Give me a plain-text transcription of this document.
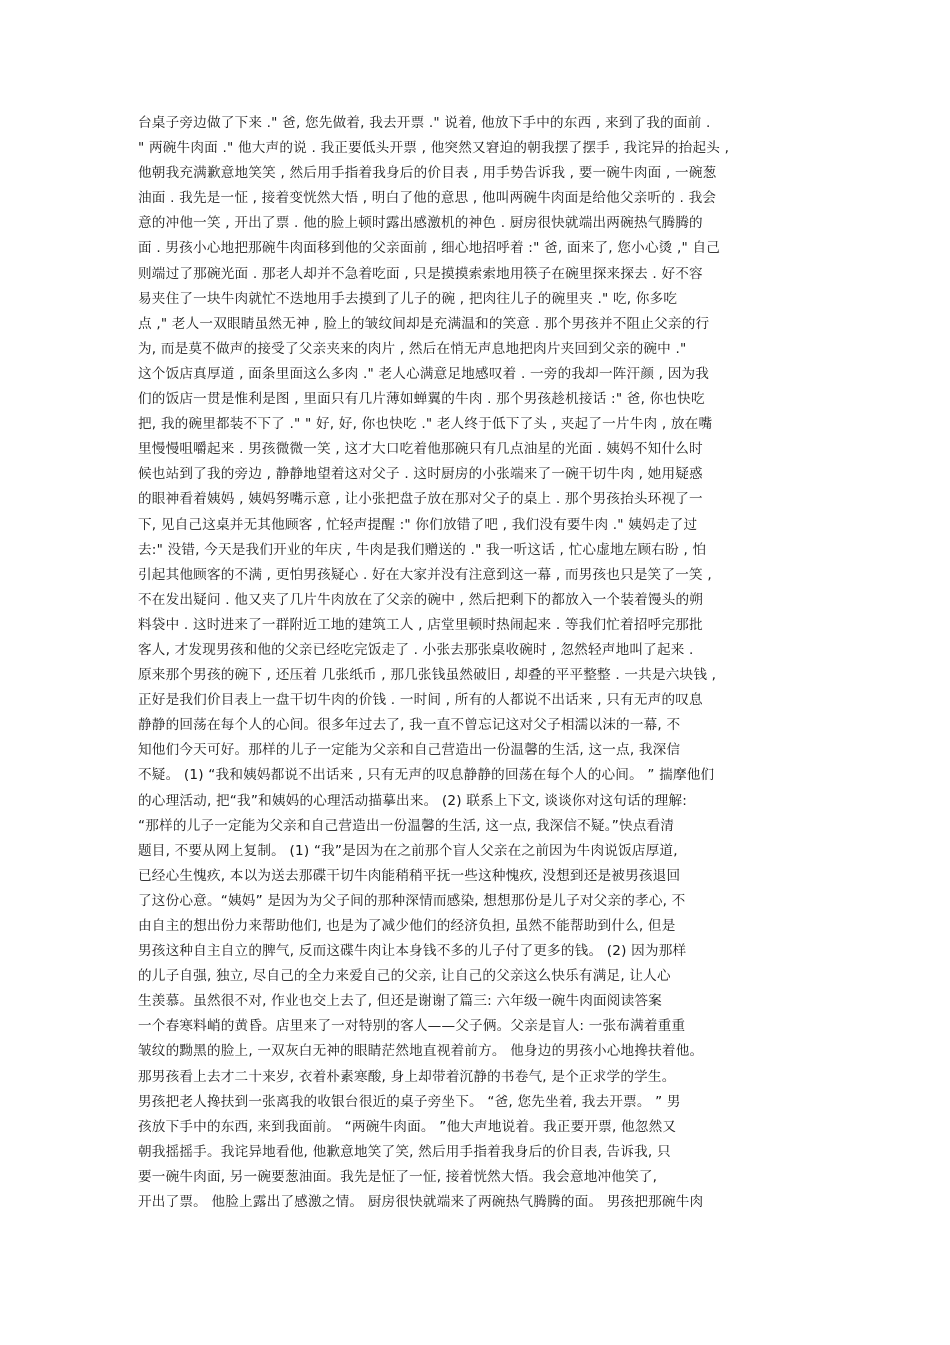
台桌子旁边做了下来 ." 爸, 您先做着, 我去开票 ." 说着, 他放下手中的东西 , 来到了我的面前 .
" 两碗牛肉面 ." 他大声的说 . 我正要低头开票 , 他突然又窘迫的朝我摆了摆手 , 我诧异的抬起头 ,
他朝我充满歉意地笑笑 , 然后用手指着我身后的价目表 , 用手势告诉我 , 要一碗牛肉面 , 一碗葱
油面 . 我先是一怔 , 接着变恍然大悟 , 明白了他的意思 , 他叫两碗牛肉面是给他父亲听的 . 我会
意的冲他一笑 , 开出了票 . 他的脸上顿时露出感激机的神色 . 厨房很快就端出两碗热气腾腾的
面 . 男孩小心地把那碗牛肉面移到他的父亲面前 , 细心地招呼着 :" 爸, 面来了, 您小心烫 ," 自己
则端过了那碗光面 . 那老人却并不急着吃面 , 只是摸摸索索地用筷子在碗里探来探去 . 好不容
易夹住了一块牛肉就忙不迭地用手去摸到了儿子的碗 , 把肉往儿子的碗里夹 ." 吃, 你多吃
点 ," 老人一双眼睛虽然无神 , 脸上的皱纹间却是充满温和的笑意 . 那个男孩并不阻止父亲的行
为, 而是莫不做声的接受了父亲夹来的肉片 , 然后在悄无声息地把肉片夹回到父亲的碗中 ."
这个饭店真厚道 , 面条里面这么多肉 ." 老人心满意足地感叹着 . 一旁的我却一阵汗颜 , 因为我
们的饭店一贯是惟利是图 , 里面只有几片薄如蝉翼的牛肉 . 那个男孩趁机接话 :" 爸, 你也快吃
把, 我的碗里都装不下了 ." " 好, 好, 你也快吃 ." 老人终于低下了头 , 夹起了一片牛肉 , 放在嘴
里慢慢咀嚼起来 . 男孩微微一笑 , 这才大口吃着他那碗只有几点油星的光面 . 姨妈不知什么时
候也站到了我的旁边 , 静静地望着这对父子 . 这时厨房的小张端来了一碗干切牛肉 , 她用疑惑
的眼神看着姨妈 , 姨妈努嘴示意 , 让小张把盘子放在那对父子的桌上 . 那个男孩抬头环视了一
下, 见自己这桌并无其他顾客 , 忙轻声提醒 :" 你们放错了吧 , 我们没有要牛肉 ." 姨妈走了过
去:" 没错, 今天是我们开业的年庆 , 牛肉是我们赠送的 ." 我一听这话 , 忙心虚地左顾右盼 , 怕
引起其他顾客的不满 , 更怕男孩疑心 . 好在大家并没有注意到这一幕 , 而男孩也只是笑了一笑 ,
不在发出疑问 . 他又夹了几片牛肉放在了父亲的碗中 , 然后把剩下的都放入一个装着馒头的朔
料袋中 . 这时进来了一群附近工地的建筑工人 , 店堂里顿时热闹起来 . 等我们忙着招呼完那批
客人, 才发现男孩和他的父亲已经吃完饭走了 . 小张去那张桌收碗时 , 忽然轻声地叫了起来 .
原来那个男孩的碗下 , 还压着 几张纸币 , 那几张钱虽然破旧 , 却叠的平平整整 . 一共是六块钱 ,
正好是我们价目表上一盘干切牛肉的价钱 . 一时间 , 所有的人都说不出话来 , 只有无声的叹息
静静的回荡在每个人的心间。很多年过去了, 我一直不曾忘记这对父子相濡以沫的一幕, 不
知他们今天可好。那样的儿子一定能为父亲和自己营造出一份温馨的生活, 这一点, 我深信
不疑。 (1) “我和姨妈都说不出话来 , 只有无声的叹息静静的回荡在每个人的心间。 ” 揣摩他们
的心理活动, 把“我”和姨妈的心理活动描摹出来。 (2) 联系上下文, 谈谈你对这句话的理解:
“那样的儿子一定能为父亲和自己营造出一份温馨的生活, 这一点, 我深信不疑。”快点看清
题目, 不要从网上复制。 (1) “我”是因为在之前那个盲人父亲在之前因为牛肉说饭店厚道,
已经心生愧疚, 本以为送去那碟干切牛肉能稍稍平抚一些这种愧疚, 没想到还是被男孩退回
了这份心意。“姨妈” 是因为为父子间的那种深情而感染, 想想那份是儿子对父亲的孝心, 不
由自主的想出份力来帮助他们, 也是为了减少他们的经济负担, 虽然不能帮助到什么, 但是
男孩这种自主自立的脾气, 反而这碟牛肉让本身钱不多的儿子付了更多的钱。 (2) 因为那样
的儿子自强, 独立, 尽自己的全力来爱自己的父亲, 让自己的父亲这么快乐有满足, 让人心
生羡慕。虽然很不对, 作业也交上去了, 但还是谢谢了篇三: 六年级一碗牛肉面阅读答案
一个春寒料峭的黄昏。店里来了一对特别的客人——父子俩。父亲是盲人: 一张布满着重重
皱纹的黝黑的脸上, 一双灰白无神的眼睛茫然地直视着前方。 他身边的男孩小心地搀扶着他。
那男孩看上去才二十来岁, 衣着朴素寒酸, 身上却带着沉静的书卷气, 是个正求学的学生。
男孩把老人搀扶到一张离我的收银台很近的桌子旁坐下。 “爸, 您先坐着, 我去开票。 ” 男
孩放下手中的东西, 来到我面前。 “两碗牛肉面。 ”他大声地说着。我正要开票, 他忽然又
朝我摇摇手。我诧异地看他, 他歉意地笑了笑, 然后用手指着我身后的价目表, 告诉我, 只
要一碗牛肉面, 另一碗要葱油面。我先是怔了一怔, 接着恍然大悟。我会意地冲他笑了,
开出了票。 他脸上露出了感激之情。 厨房很快就端来了两碗热气腾腾的面。 男孩把那碗牛肉
